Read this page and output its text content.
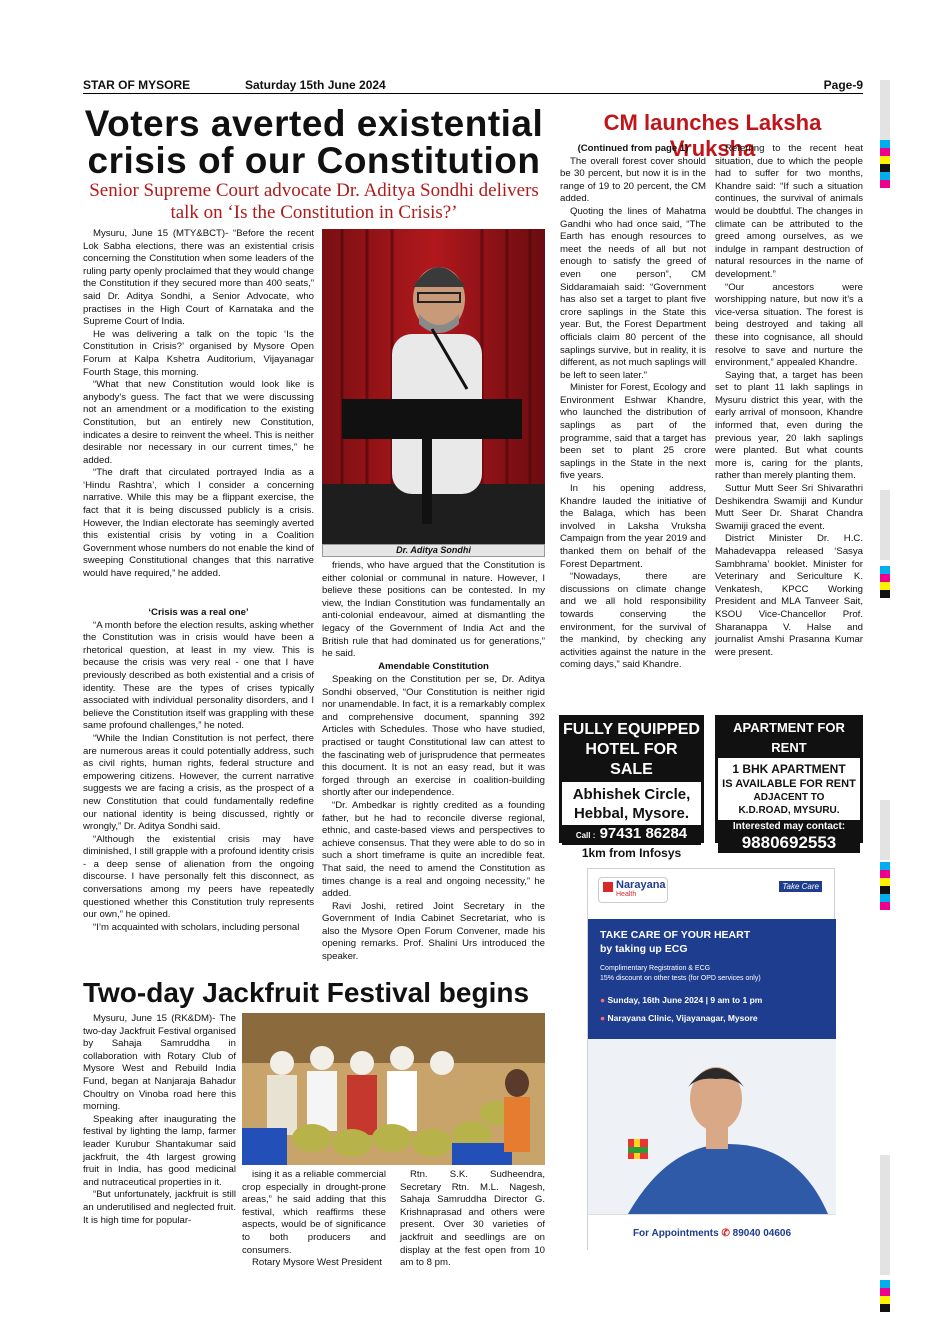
STAR OF MYSORE	Saturday 15th June 2024	Page-9
Voters averted existential crisis of our Constitution
Senior Supreme Court advocate Dr. Aditya Sondhi delivers talk on ‘Is the Constitution in Crisis?’

Mysuru, June 15 (MTY&BCT)- “Before the recent Lok Sabha elections, there was an existential crisis concerning the Constitution when some leaders of the ruling party openly proclaimed that they would change the Constitution if they secured more than 400 seats,” said Dr. Aditya Sondhi, a Senior Advocate, who practises in the High Court of Karnataka and the Supreme Court of India.

He was delivering a talk on the topic ‘Is the Constitution in Crisis?’ organised by Mysore Open Forum at Kalpa Kshetra Auditorium, Vijayanagar Fourth Stage, this morning.

“What that new Constitution would look like is anybody’s guess. The fact that we were discussing not an amendment or a modification to the existing Constitution, but an entirely new Constitution, indicates a desire to reinvent the wheel. This is neither desirable nor necessary in our current times,” he added.

“The draft that circulated portrayed India as a ‘Hindu Rashtra’, which I consider a concerning narrative. While this may be a flippant exercise, the fact that it is being discussed publicly is a crisis. However, the Indian electorate has seemingly averted this existential crisis by voting in a Coalition Government whose numbers do not enable the kind of sweeping Constitutional changes that this narrative would have required,” he added.

‘Crisis was a real one’

“A month before the election results, asking whether the Constitution was in crisis would have been a rhetorical question, at least in my view. This is because the crisis was very real - one that I have previously described as both existential and a crisis of identity. These are the types of crises typically associated with individual personality disorders, and I believe the Constitution itself was grappling with these same profound challenges,” he noted.

“While the Indian Constitution is not perfect, there are numerous areas it could potentially address, such as civil rights, human rights, federal structure and empowering citizens. However, the current narrative suggests we are facing a crisis, as the prospect of a new Constitution that could fundamentally redefine our national identity is being discussed, rightly or wrongly,” Dr. Aditya Sondhi said.

“Although the existential crisis may have diminished, I still grapple with a profound identity crisis - a deep sense of alienation from the ongoing discourse. I have personally felt this disconnect, as conversations among my peers have repeatedly questioned whether this Constitution truly represents our own,” he opined.

“I’m acquainted with scholars, including personal

Dr. Aditya Sondhi

friends, who have argued that the Constitution is either colonial or communal in nature. However, I believe these positions can be contested. In my view, the Indian Constitution was fundamentally an anti-colonial endeavour, aimed at dismantling the legacy of the Government of India Act and the British rule that had dominated us for generations,” he said.

Amendable Constitution

Speaking on the Constitution per se, Dr. Aditya Sondhi observed, “Our Constitution is neither rigid nor unamendable. In fact, it is a remarkably complex and comprehensive document, spanning 392 Articles with Schedules. Those who have studied, practised or taught Constitutional law can attest to the fascinating web of jurisprudence that permeates this document. It is not an easy read, but it was forged through an exercise in coalition-building shortly after our independence.

“Dr. Ambedkar is rightly credited as a founding father, but he had to reconcile diverse regional, ethnic, and caste-based views and perspectives to achieve consensus. That they were able to do so in such a short timeframe is quite an incredible feat. That said, the need to amend the Constitution as times change is a real and ongoing necessity,” he added.

Ravi Joshi, retired Joint Secretary in the Government of India Cabinet Secretariat, who is also the Mysore Open Forum Convener, made his opening remarks. Prof. Shalini Urs introduced the speaker.

CM launches Laksha Vruksha

(Continued from page 1)

The overall forest cover should be 30 percent, but now it is in the range of 19 to 20 percent, the CM added.

Quoting the lines of Mahatma Gandhi who had once said, “The Earth has enough resources to meet the needs of all but not enough to satisfy the greed of even one person”, CM Siddaramaiah said: “Government has also set a target to plant five crore saplings in the State this year. But, the Forest Department officials claim 80 percent of the saplings survive, but in reality, it is different, as not much saplings will be left to seen later.”

Minister for Forest, Ecology and Environment Eshwar Khandre, who launched the distribution of saplings as part of the programme, said that a target has been set to plant 25 crore saplings in the State in the next five years.

In his opening address, Khandre lauded the initiative of the Balaga, which has been involved in Laksha Vruksha Campaign from the year 2019 and thanked them on behalf of the Forest Department.

“Nowadays, there are discussions on climate change and we all hold responsibility towards conserving the environment, for the survival of the mankind, by checking any activities against the nature in the coming days,” said Khandre.

Referring to the recent heat situation, due to which the people had to suffer for two months, Khandre said: “If such a situation continues, the survival of animals would be doubtful. The changes in climate can be attributed to the greed among ourselves, as we indulge in rampant destruction of natural resources in the name of development.”

“Our ancestors were worshipping nature, but now it’s a vice-versa situation. The forest is being destroyed and taking all these into cognisance, all should resolve to save and nurture the environment,” appealed Khandre.

Saying that, a target has been set to plant 11 lakh saplings in Mysuru district this year, with the early arrival of monsoon, Khandre informed that, even during the previous year, 20 lakh saplings were planted. But what counts more is, caring for the plants, rather than merely planting them.

Suttur Mutt Seer Sri Shivarathri Deshikendra Swamiji and Kundur Mutt Seer Dr. Sharat Chandra Swamiji graced the event.

District Minister Dr. H.C. Mahadevappa released ‘Sasya Sambhrama’ booklet. Minister for Veterinary and Sericulture K. Venkatesh, KPCC Working President and MLA Tanveer Sait, KSOU Vice-Chancellor Prof. Sharanappa V. Halse and journalist Amshi Prasanna Kumar were present.

FULLY EQUIPPED
HOTEL FOR SALE
Abhishek Circle,
Hebbal, Mysore.
Call : 97431 86284
1km from Infosys
APARTMENT FOR RENT
1 BHK APARTMENT
IS AVAILABLE FOR RENT
ADJACENT TO
K.D.ROAD, MYSURU.
Interested may contact:
9880692553
Narayana
Health
Take Care
TAKE CARE OF YOUR HEART
by taking up ECG
Complimentary Registration & ECG
15% discount on other tests (for OPD services only)
● Sunday, 16th June 2024 | 9 am to 1 pm
● Narayana Clinic, Vijayanagar, Mysore
For Appointments ✆ 89040 04606
Two-day Jackfruit Festival begins

Mysuru, June 15 (RK&DM)- The two-day Jackfruit Festival organised by Sahaja Samruddha in collaboration with Rotary Club of Mysore West and Rebuild India Fund, began at Nanjaraja Bahadur Choultry on Vinoba road here this morning.

Speaking after inaugurating the festival by lighting the lamp, farmer leader Kurubur Shantakumar said jackfruit, the 4th largest growing fruit in India, has good medicinal and nutraceutical properties in it.

“But unfortunately, jackfruit is still an underutilised and neglected fruit. It is high time for popular-

ising it as a reliable commercial crop especially in drought-prone areas,” he said adding that this festival, which reaffirms these aspects, would be of significance to both producers and consumers.

Rotary Mysore West President

Rtn. S.K. Sudheendra, Secretary Rtn. M.L. Nagesh, Sahaja Samruddha Director G. Krishnaprasad and others were present. Over 30 varieties of jackfruit and seedlings are on display at the fest open from 10 am to 8 pm.
